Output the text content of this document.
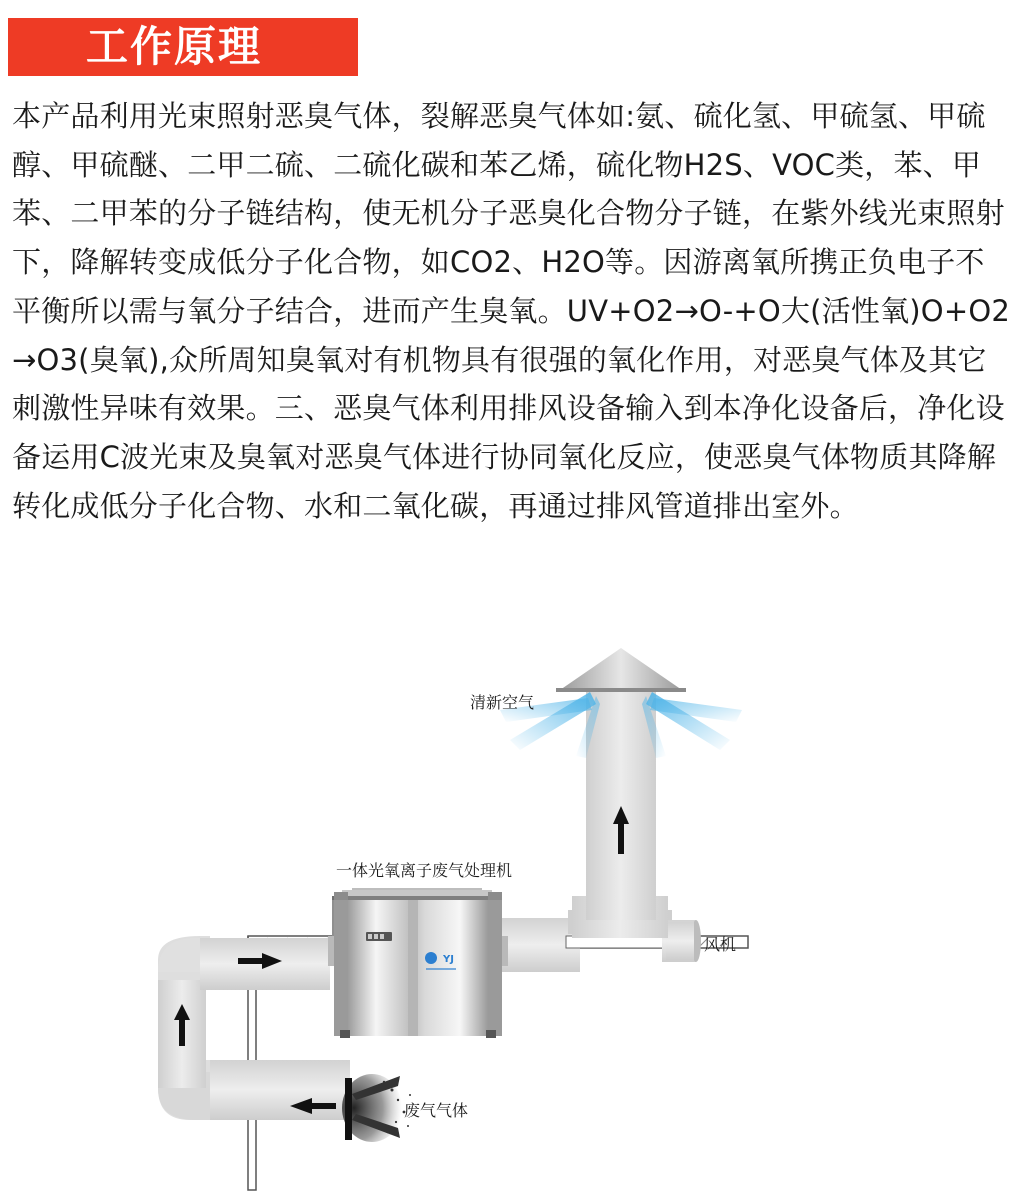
工作原理

本产品利用光束照射恶臭气体，裂解恶臭气体如:氨、硫化氢、甲硫氢、甲硫醇、甲硫醚、二甲二硫、二硫化碳和苯乙烯，硫化物H2S、VOC类，苯、甲苯、二甲苯的分子链结构，使无机分子恶臭化合物分子链，在紫外线光束照射下，降解转变成低分子化合物，如CO2、H2O等。因游离氧所携正负电子不平衡所以需与氧分子结合，进而产生臭氧。UV+O2→O-+O大(活性氧)O+O2→O3(臭氧),众所周知臭氧对有机物具有很强的氧化作用，对恶臭气体及其它刺激性异味有效果。三、恶臭气体利用排风设备输入到本净化设备后，净化设备运用C波光束及臭氧对恶臭气体进行协同氧化反应，使恶臭气体物质其降解转化成低分子化合物、水和二氧化碳，再通过排风管道排出室外。

清新空气
一体光氧离子废气处理机
风机
废气气体
YJ
